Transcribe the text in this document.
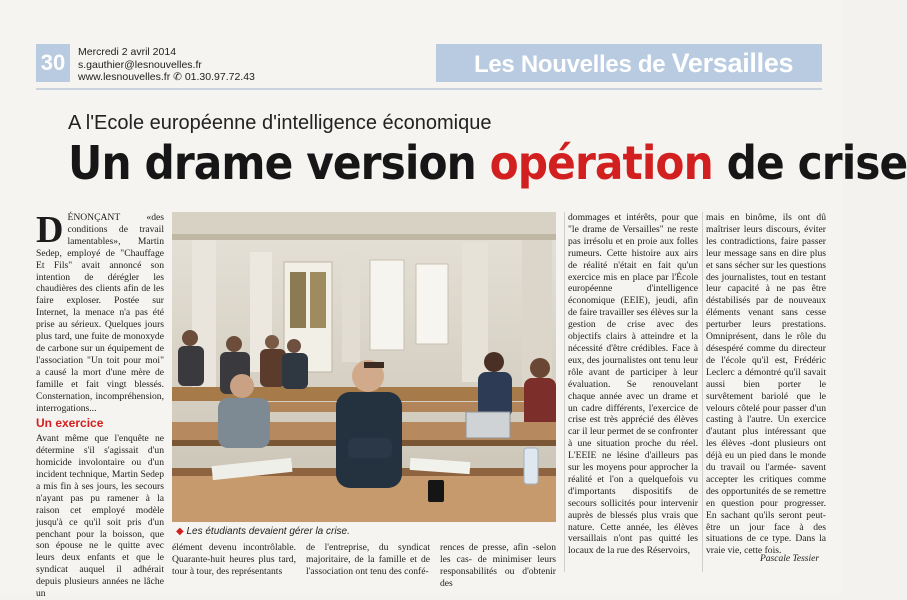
30	Mercredi 2 avril 2014
s.gauthier@lesnouvelles.fr
www.lesnouvelles.fr ✆ 01.30.97.72.43	Les Nouvelles de Versailles
A l'Ecole européenne d'intelligence économique
Un drame version opération de crise

DÉNONÇANT «des conditions de travail lamentables», Martin Sedep, employé de "Chauffage Et Fils" avait annoncé son intention de dérégler les chaudières des clients afin de les faire exploser. Postée sur Internet, la menace n'a pas été prise au sérieux. Quelques jours plus tard, une fuite de monoxyde de carbone sur un équipement de l'association "Un toit pour moi" a causé la mort d'une mère de famille et fait vingt blessés. Consternation, incompréhension, interrogations...

Un exercice

Avant même que l'enquête ne détermine s'il s'agissait d'un homicide involontaire ou d'un incident technique, Martin Sedep a mis fin à ses jours, les secours n'ayant pas pu ramener à la raison cet employé modèle jusqu'à ce qu'il soit pris d'un penchant pour la boisson, que son épouse ne le quitte avec leurs deux enfants et que le syndicat auquel il adhérait depuis plusieurs années ne lâche un

◆ Les étudiants devaient gérer la crise.
élément devenu incontrôlable. Quarante-huit heures plus tard, tour à tour, des représentants
de l'entreprise, du syndicat majoritaire, de la famille et de l'association ont tenu des confé-
rences de presse, afin -selon les cas- de minimiser leurs responsabilités ou d'obtenir des
dommages et intérêts, pour que "le drame de Versailles" ne reste pas irrésolu et en proie aux folles rumeurs. Cette histoire aux airs de réalité n'était en fait qu'un exercice mis en place par l'École européenne d'intelligence économique (EEIE), jeudi, afin de faire travailler ses élèves sur la gestion de crise avec des objectifs clairs à atteindre et la nécessité d'être crédibles. Face à eux, des journalistes ont tenu leur rôle avant de participer à leur évaluation. Se renouvelant chaque année avec un drame et un cadre différents, l'exercice de crise est très apprécié des élèves car il leur permet de se confronter à une situation proche du réel. L'EEIE ne lésine d'ailleurs pas sur les moyens pour approcher la réalité et l'on a quelquefois vu d'importants dispositifs de secours sollicités pour intervenir auprès de blessés plus vrais que nature. Cette année, les élèves versaillais n'ont pas quitté les locaux de la rue des Réservoirs,
mais en binôme, ils ont dû maîtriser leurs discours, éviter les contradictions, faire passer leur message sans en dire plus et sans sécher sur les questions des journalistes, tout en testant leur capacité à ne pas être déstabilisés par de nouveaux éléments venant sans cesse perturber leurs prestations. Omniprésent, dans le rôle du désespéré comme du directeur de l'école qu'il est, Frédéric Leclerc a démontré qu'il savait aussi bien porter le survêtement bariolé que le velours côtelé pour passer d'un casting à l'autre. Un exercice d'autant plus intéressant que les élèves -dont plusieurs ont déjà eu un pied dans le monde du travail ou l'armée- savent accepter les critiques comme des opportunités de se remettre en question pour progresser. En sachant qu'ils seront peut-être un jour face à des situations de ce type. Dans la vraie vie, cette fois.
Pascale Tessier
